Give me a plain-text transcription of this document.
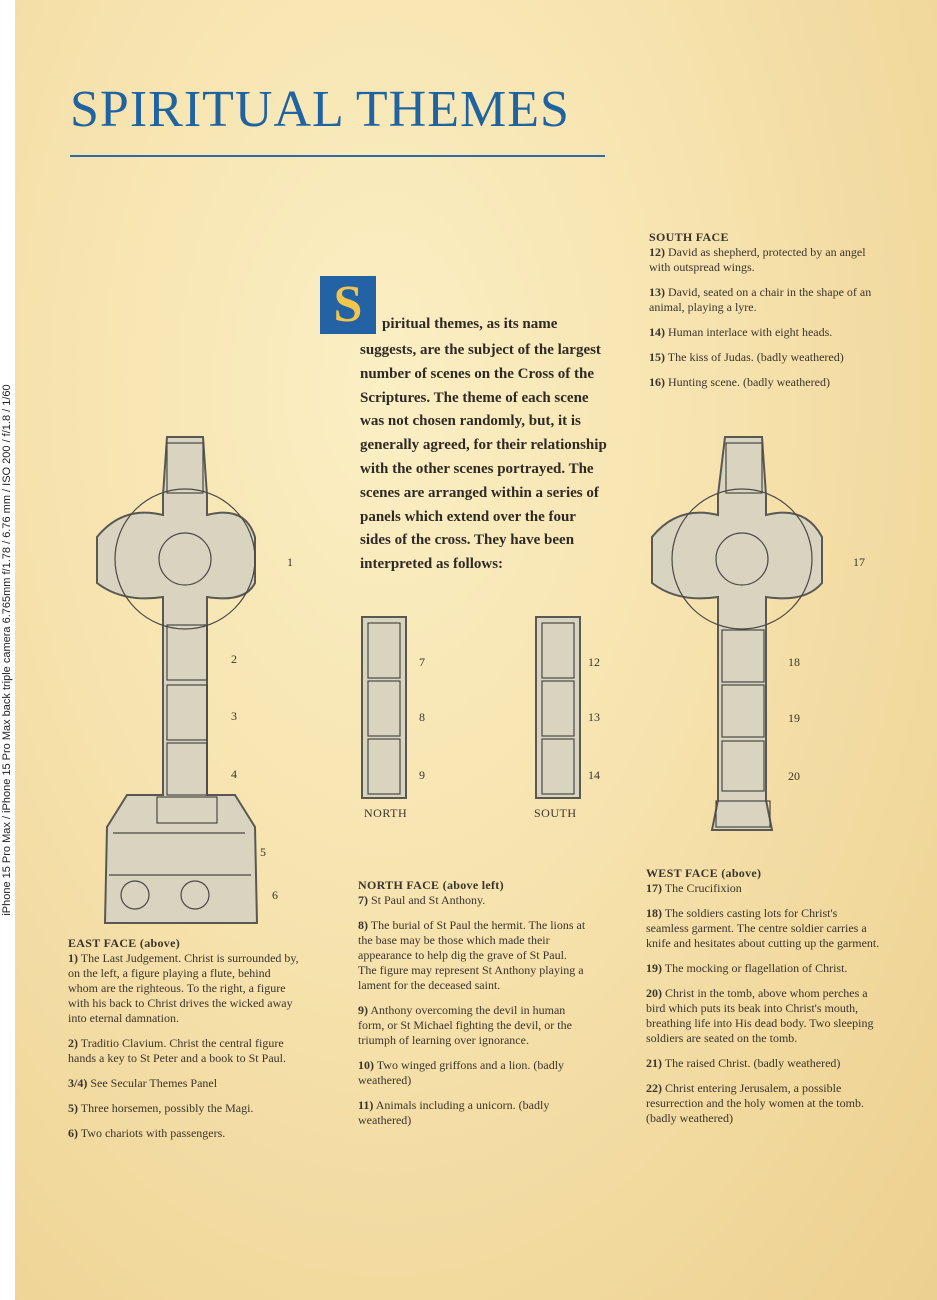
iPhone 15 Pro Max / iPhone 15 Pro Max back triple camera 6.765mm f/1.78 / 6.76 mm / ISO 200 / f/1.8 / 1/60
SPIRITUAL THEMES
S	piritual themes, as its name
suggests, are the subject of the largest number of scenes on the Cross of the Scriptures. The theme of each scene was not chosen randomly, but, it is generally agreed, for their relationship with the other scenes portrayed. The scenes are arranged within a series of panels which extend over the four sides of the cross. They have been interpreted as follows:
1
2
3
4
5
6
7
8
9
NORTH
12
13
14
SOUTH
17
18
19
20
SOUTH FACE

12) David as shepherd, protected by an angel with outspread wings.

13) David, seated on a chair in the shape of an animal, playing a lyre.

14) Human interlace with eight heads.

15) The kiss of Judas. (badly weathered)

16) Hunting scene. (badly weathered)

EAST FACE (above)

1) The Last Judgement. Christ is surrounded by, on the left, a figure playing a flute, behind whom are the righteous. To the right, a figure with his back to Christ drives the wicked away into eternal damnation.

2) Traditio Clavium. Christ the central figure hands a key to St Peter and a book to St Paul.

3/4) See Secular Themes Panel

5) Three horsemen, possibly the Magi.

6) Two chariots with passengers.

NORTH FACE (above left)

7) St Paul and St Anthony.

8) The burial of St Paul the hermit. The lions at the base may be those which made their appearance to help dig the grave of St Paul. The figure may represent St Anthony playing a lament for the deceased saint.

9) Anthony overcoming the devil in human form, or St Michael fighting the devil, or the triumph of learning over ignorance.

10) Two winged griffons and a lion. (badly weathered)

11) Animals including a unicorn. (badly weathered)

WEST FACE (above)

17) The Crucifixion

18) The soldiers casting lots for Christ's seamless garment. The centre soldier carries a knife and hesitates about cutting up the garment.

19) The mocking or flagellation of Christ.

20) Christ in the tomb, above whom perches a bird which puts its beak into Christ's mouth, breathing life into His dead body. Two sleeping soldiers are seated on the tomb.

21) The raised Christ. (badly weathered)

22) Christ entering Jerusalem, a possible resurrection and the holy women at the tomb. (badly weathered)
